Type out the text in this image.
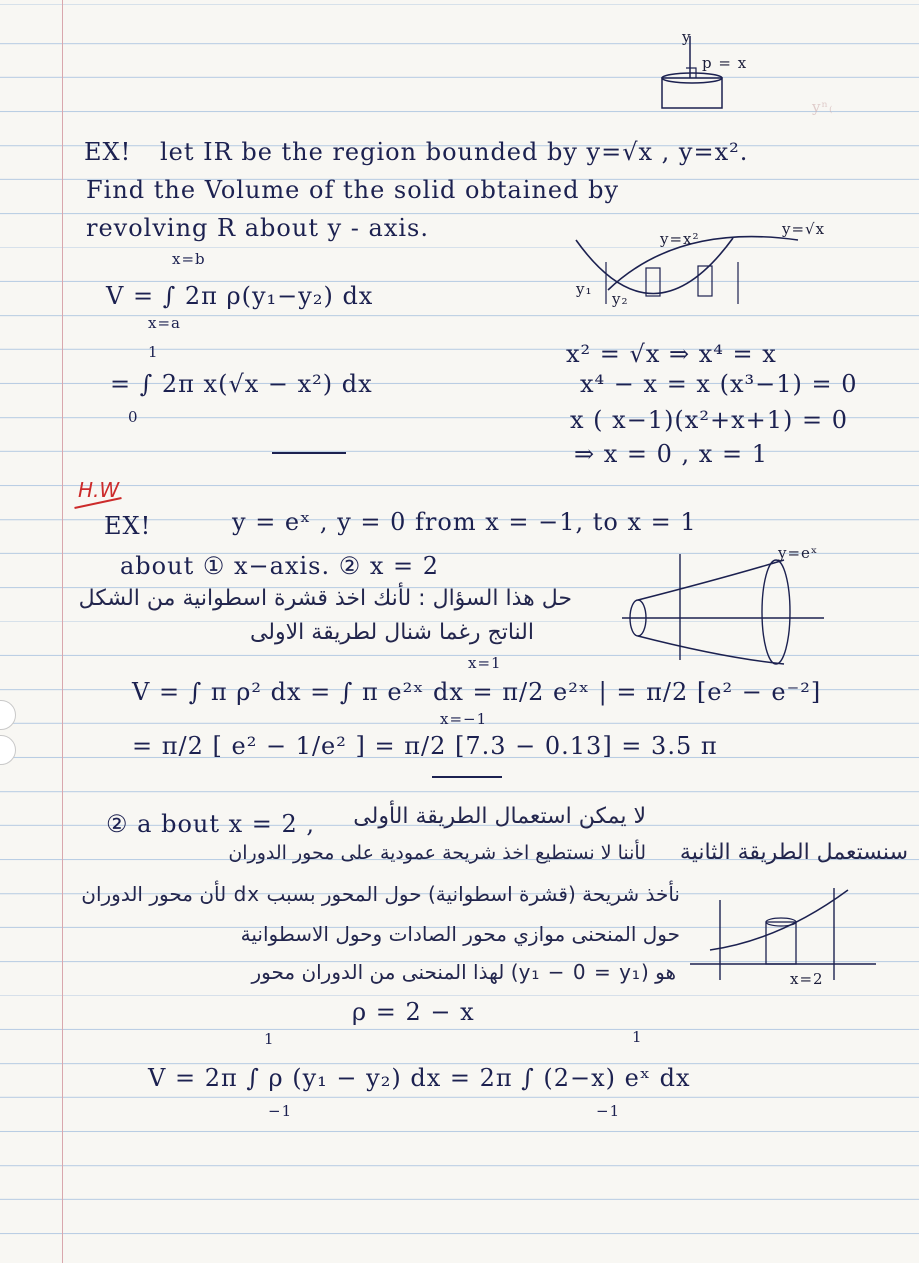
y
p = x
yⁿ₍
EX! let IR be the region bounded by y=√x , y=x².
Find the Volume of the solid obtained by
revolving R about y - axis.	y=x²
y=√x
y₁
y₂
x=b
V = ∫ 2π ρ(y₁−y₂) dx
x=a
1
= ∫ 2π x(√x − x²) dx
0
x² = √x ⇒ x⁴ = x
x⁴ − x = x (x³−1) = 0
x ( x−1)(x²+x+1) = 0
⇒ x = 0 , x = 1
H.W
EX!	y = eˣ , y = 0 from x = −1, to x = 1
about ① x−axis. ② x = 2
حل هذا السؤال : لأنك اخذ قشرة اسطوانية من الشكل
الناتج رغما شنال لطريقة الاولى
y=eˣ
x=1
V = ∫ π ρ² dx = ∫ π e²ˣ dx = π/2 e²ˣ | = π/2 [e² − e⁻²]
x=−1
= π/2 [ e² − 1/e² ] = π/2 [7.3 − 0.13] = 3.5 π
② a bout x = 2 , لا يمكن استعمال الطريقة الأولى
لأننا لا نستطيع اخذ شريحة عمودية على محور الدوران سنستعمل الطريقة الثانية
نأخذ شريحة (قشرة اسطوانية) حول المحور بسبب dx لأن محور الدوران
حول المنحنى موازي محور الصادات وحول الاسطوانية
هو (y₁ − 0 = y₁) لهذا المنحنى من الدوران محور	x=2
ρ = 2 − x
1	1
V = 2π ∫ ρ (y₁ − y₂) dx = 2π ∫ (2−x) eˣ dx
−1	−1
